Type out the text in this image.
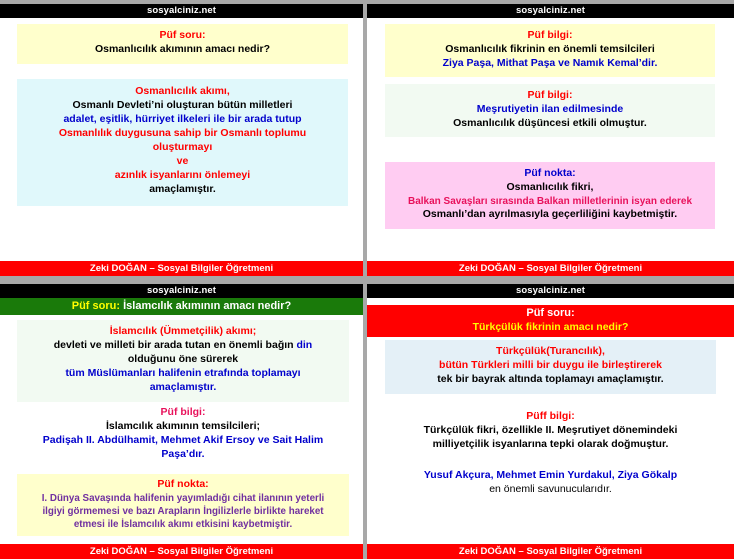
sosyalciniz.net
Püf soru:
Osmanlıcılık akımının amacı nedir?
Osmanlıcılık akımı,
Osmanlı Devleti’ni oluşturan bütün milletleri
adalet, eşitlik, hürriyet ilkeleri ile bir arada tutup
Osmanlılık duygusuna sahip bir Osmanlı toplumu
oluşturmayı
ve
azınlık isyanlarını önlemeyi
amaçlamıştır.
Zeki DOĞAN – Sosyal Bilgiler Öğretmeni
sosyalciniz.net
Püf bilgi:
Osmanlıcılık fikrinin en önemli temsilcileri
Ziya Paşa, Mithat Paşa ve Namık Kemal’dir.
Püf bilgi:
Meşrutiyetin ilan edilmesinde
Osmanlıcılık düşüncesi etkili olmuştur.
Püf nokta:
Osmanlıcılık fikri,
Balkan Savaşları sırasında Balkan milletlerinin isyan ederek
Osmanlı’dan ayrılmasıyla geçerliliğini kaybetmiştir.
Zeki DOĞAN – Sosyal Bilgiler Öğretmeni
sosyalciniz.net
Püf soru: İslamcılık akımının amacı nedir?
İslamcılık (Ümmetçilik) akımı;
devleti ve milleti bir arada tutan en önemli bağın din
olduğunu öne sürerek
tüm Müslümanları halifenin etrafında toplamayı
amaçlamıştır.
Püf bilgi:
İslamcılık akımının temsilcileri;
Padişah II. Abdülhamit, Mehmet Akif Ersoy ve Sait Halim
Paşa’dır.
Püf nokta:
I. Dünya Savaşında halifenin yayımladığı cihat ilanının yeterli
ilgiyi görmemesi ve bazı Arapların İngilizlerle birlikte hareket
etmesi ile İslamcılık akımı etkisini kaybetmiştir.
Zeki DOĞAN – Sosyal Bilgiler Öğretmeni
sosyalciniz.net
Püf soru:
Türkçülük fikrinin amacı nedir?
Türkçülük(Turancılık),
bütün Türkleri milli bir duygu ile birleştirerek
tek bir bayrak altında toplamayı amaçlamıştır.
Püff bilgi:
Türkçülük fikri, özellikle II. Meşrutiyet dönemindeki
milliyetçilik isyanlarına tepki olarak doğmuştur.
Yusuf Akçura, Mehmet Emin Yurdakul, Ziya Gökalp
en önemli savunucularıdır.
Zeki DOĞAN – Sosyal Bilgiler Öğretmeni
